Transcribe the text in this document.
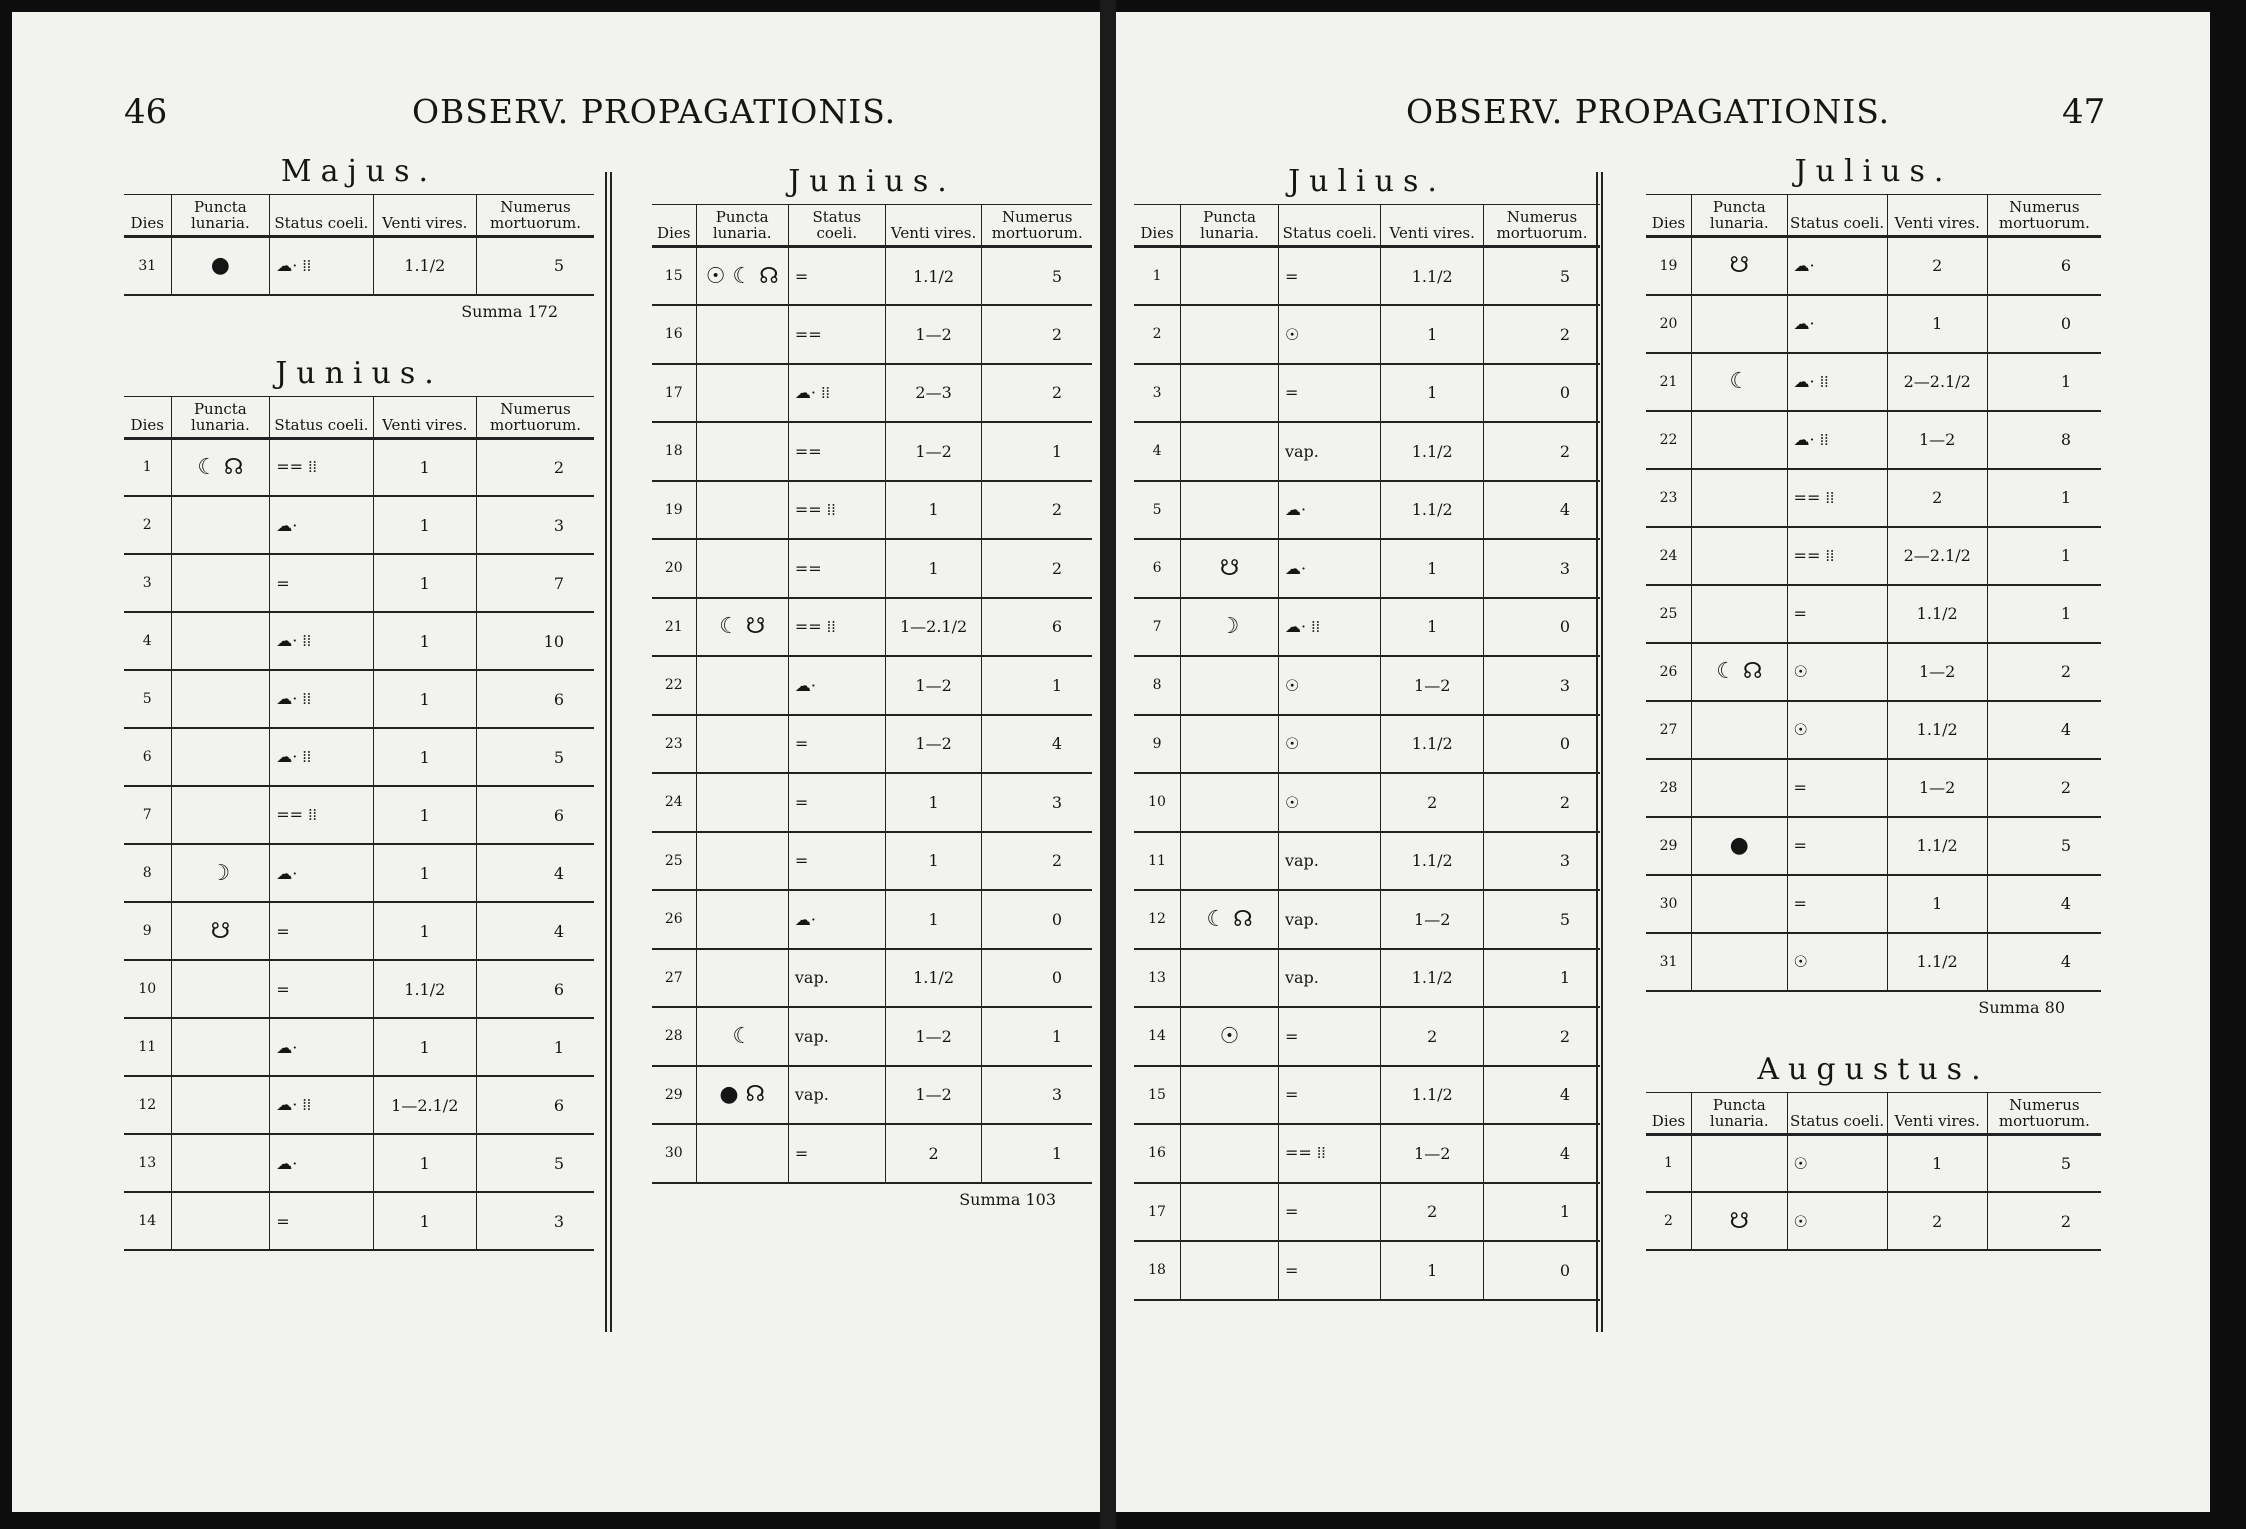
46	OBSERV. PROPAGATIONIS.
Majus.
Dies	Puncta lunaria.	Status coeli.	Venti vires.	Numerus mortuorum.
31	●	☁· ⁞⁞	1.1/2	5
Summa 172
Junius.
Dies	Puncta lunaria.	Status coeli.	Venti vires.	Numerus mortuorum.
1	☾ ☊	== ⁞⁞	1	2
2		☁·	1	3
3		=	1	7
4		☁· ⁞⁞	1	10
5		☁· ⁞⁞	1	6
6		☁· ⁞⁞	1	5
7		== ⁞⁞	1	6
8	☽	☁·	1	4
9	☋	=	1	4
10		=	1.1/2	6
11		☁·	1	1
12		☁· ⁞⁞	1—2.1/2	6
13		☁·	1	5
14		=	1	3
Junius.
Dies	Puncta lunaria.	Status coeli.	Venti vires.	Numerus mortuorum.
15	☉ ☾ ☊	=	1.1/2	5
16		==	1—2	2
17		☁· ⁞⁞	2—3	2
18		==	1—2	1
19		== ⁞⁞	1	2
20		==	1	2
21	☾ ☋	== ⁞⁞	1—2.1/2	6
22		☁·	1—2	1
23		=	1—2	4
24		=	1	3
25		=	1	2
26		☁·	1	0
27		vap.	1.1/2	0
28	☾	vap.	1—2	1
29	● ☊	vap.	1—2	3
30		=	2	1
Summa 103
47
OBSERV. PROPAGATIONIS.
Julius.
Dies	Puncta lunaria.	Status coeli.	Venti vires.	Numerus mortuorum.
1		=	1.1/2	5
2		☉	1	2
3		=	1	0
4		vap.	1.1/2	2
5		☁·	1.1/2	4
6	☋	☁·	1	3
7	☽	☁· ⁞⁞	1	0
8		☉	1—2	3
9		☉	1.1/2	0
10		☉	2	2
11		vap.	1.1/2	3
12	☾ ☊	vap.	1—2	5
13		vap.	1.1/2	1
14	☉	=	2	2
15		=	1.1/2	4
16		== ⁞⁞	1—2	4
17		=	2	1
18		=	1	0
Julius.
Dies	Puncta lunaria.	Status coeli.	Venti vires.	Numerus mortuorum.
19	☋	☁·	2	6
20		☁·	1	0
21	☾	☁· ⁞⁞	2—2.1/2	1
22		☁· ⁞⁞	1—2	8
23		== ⁞⁞	2	1
24		== ⁞⁞	2—2.1/2	1
25		=	1.1/2	1
26	☾ ☊	☉	1—2	2
27		☉	1.1/2	4
28		=	1—2	2
29	●	=	1.1/2	5
30		=	1	4
31		☉	1.1/2	4
Summa 80
Augustus.
Dies	Puncta lunaria.	Status coeli.	Venti vires.	Numerus mortuorum.
1		☉	1	5
2	☋	☉	2	2
